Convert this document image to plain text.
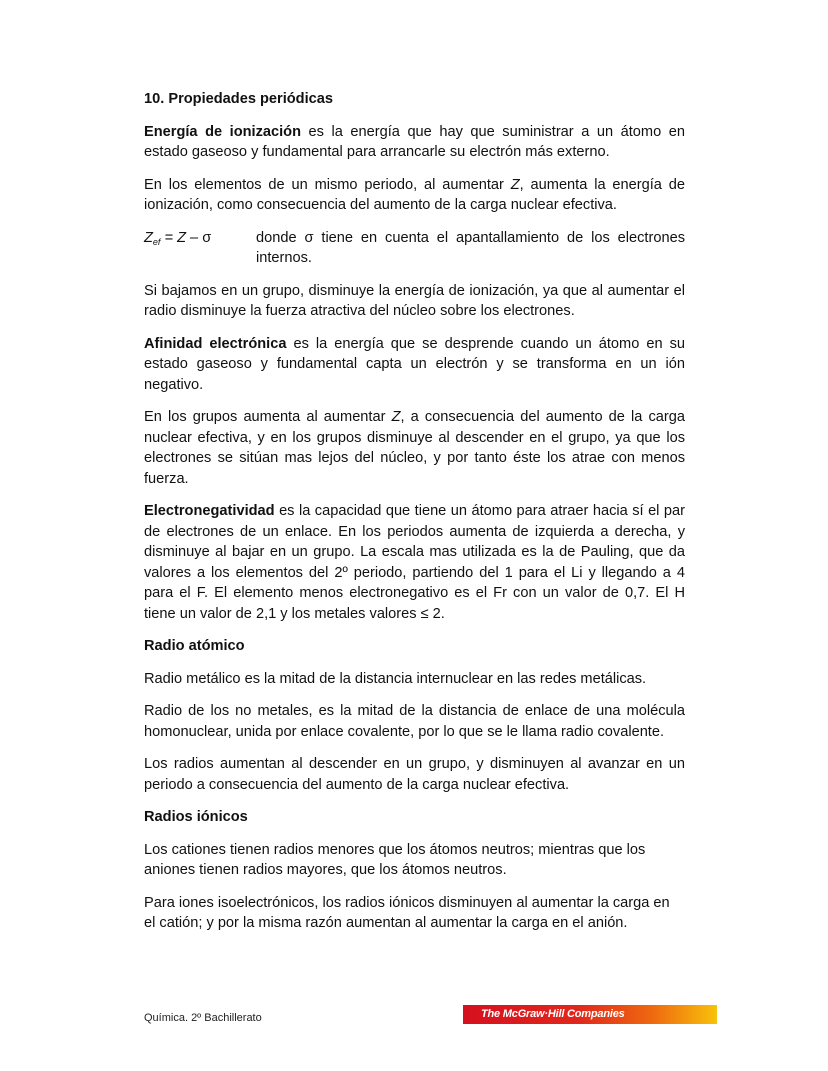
10. Propiedades periódicas

Energía de ionización es la energía que hay que suministrar a un átomo en estado gaseoso y fundamental para arrancarle su electrón más externo.

En los elementos de un mismo periodo, al aumentar Z, aumenta la energía de ionización, como consecuencia del aumento de la carga nuclear efectiva.

$Z_{ef} = Z - \sigma$	donde σ tiene en cuenta el apantallamiento de los electrones internos.

Si bajamos en un grupo, disminuye la energía de ionización, ya que al aumentar el radio disminuye la fuerza atractiva del núcleo sobre los electrones.

Afinidad electrónica es la energía que se desprende cuando un átomo en su estado gaseoso y fundamental capta un electrón y se transforma en un ión negativo.

En los grupos aumenta al aumentar Z, a consecuencia del aumento de la carga nuclear efectiva, y en los grupos disminuye al descender en el grupo, ya que los electrones se sitúan mas lejos del núcleo, y por tanto éste los atrae con menos fuerza.

Electronegatividad es la capacidad que tiene un átomo para atraer hacia sí el par de electrones de un enlace. En los periodos aumenta de izquierda a derecha, y disminuye al bajar en un grupo. La escala mas utilizada es la de Pauling, que da valores a los elementos del 2º periodo, partiendo del 1 para el Li y llegando a 4 para el F. El elemento menos electronegativo es el Fr con un valor de 0,7. El H tiene un valor de 2,1 y los metales valores ≤ 2.

Radio atómico

Radio metálico es la mitad de la distancia internuclear en las redes metálicas.

Radio de los no metales, es la mitad de la distancia de enlace de una molécula homonuclear, unida por enlace covalente, por lo que se le llama radio covalente.

Los radios aumentan al descender en un grupo, y disminuyen al avanzar en un periodo a consecuencia del aumento de la carga nuclear efectiva.

Radios iónicos

Los cationes tienen radios menores que los átomos neutros; mientras que los aniones tienen radios mayores, que los átomos neutros.

Para iones isoelectrónicos, los radios iónicos disminuyen al aumentar la carga en el catión; y por la misma razón aumentan al aumentar la carga en el anión.

Química. 2º Bachillerato	The McGraw·Hill Companies
